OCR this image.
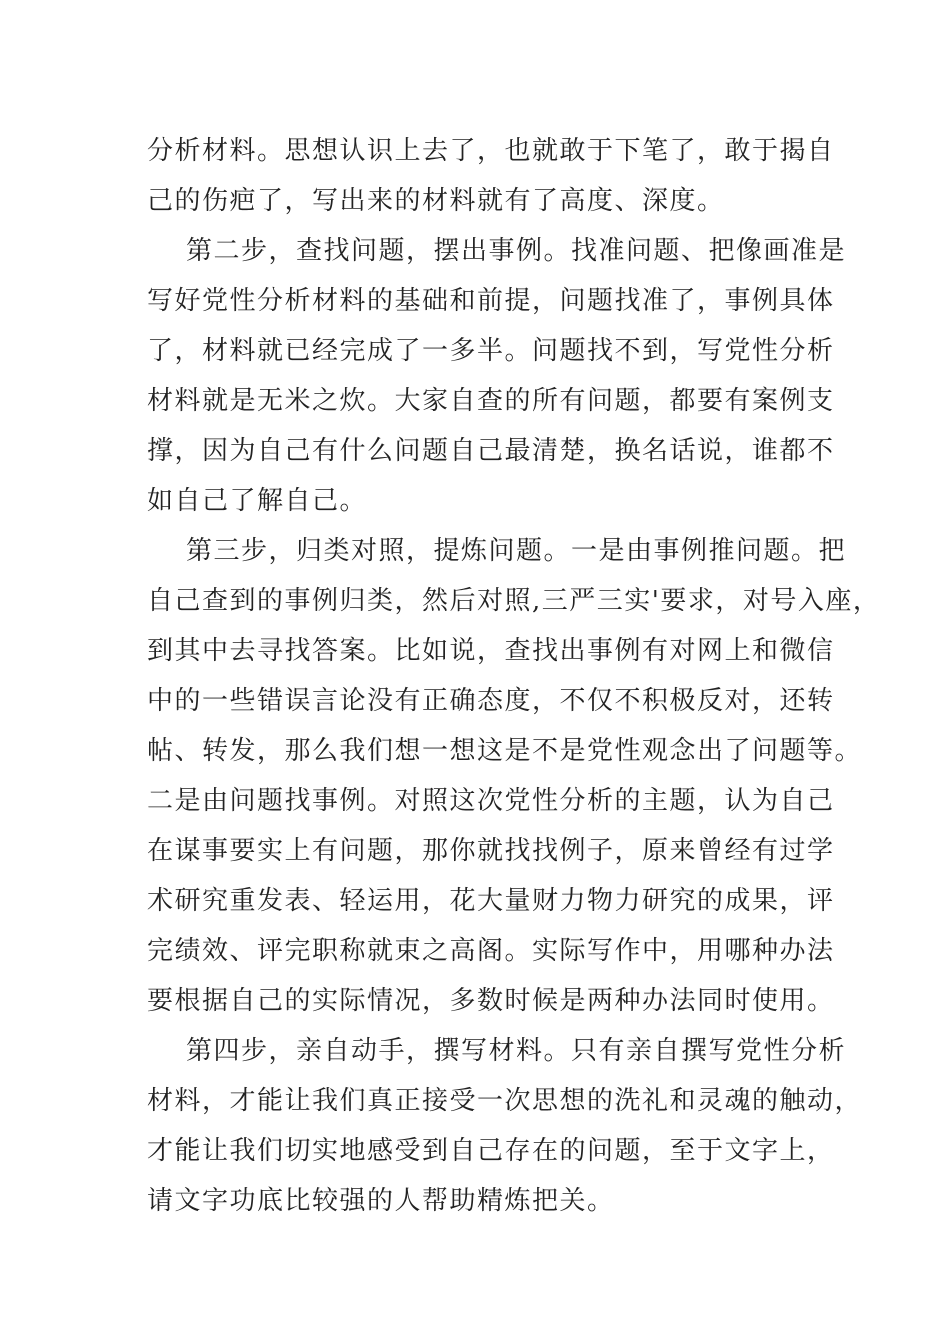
分析材料。思想认识上去了，也就敢于下笔了，敢于揭自
己的伤疤了，写出来的材料就有了高度、深度。
第二步，查找问题，摆出事例。找准问题、把像画准是
写好党性分析材料的基础和前提，问题找准了，事例具体
了，材料就已经完成了一多半。问题找不到，写党性分析
材料就是无米之炊。大家自查的所有问题，都要有案例支
撑，因为自己有什么问题自己最清楚，换名话说，谁都不
如自己了解自己。
第三步，归类对照，提炼问题。一是由事例推问题。把
自己查到的事例归类，然后对照,三严三实'要求，对号入座，
到其中去寻找答案。比如说，查找出事例有对网上和微信
中的一些错误言论没有正确态度，不仅不积极反对，还转
帖、转发，那么我们想一想这是不是党性观念出了问题等。
二是由问题找事例。对照这次党性分析的主题，认为自己
在谋事要实上有问题，那你就找找例子，原来曾经有过学
术研究重发表、轻运用，花大量财力物力研究的成果，评
完绩效、评完职称就束之高阁。实际写作中，用哪种办法
要根据自己的实际情况，多数时候是两种办法同时使用。
第四步，亲自动手，撰写材料。只有亲自撰写党性分析
材料，才能让我们真正接受一次思想的洗礼和灵魂的触动，
才能让我们切实地感受到自己存在的问题，至于文字上，
请文字功底比较强的人帮助精炼把关。
